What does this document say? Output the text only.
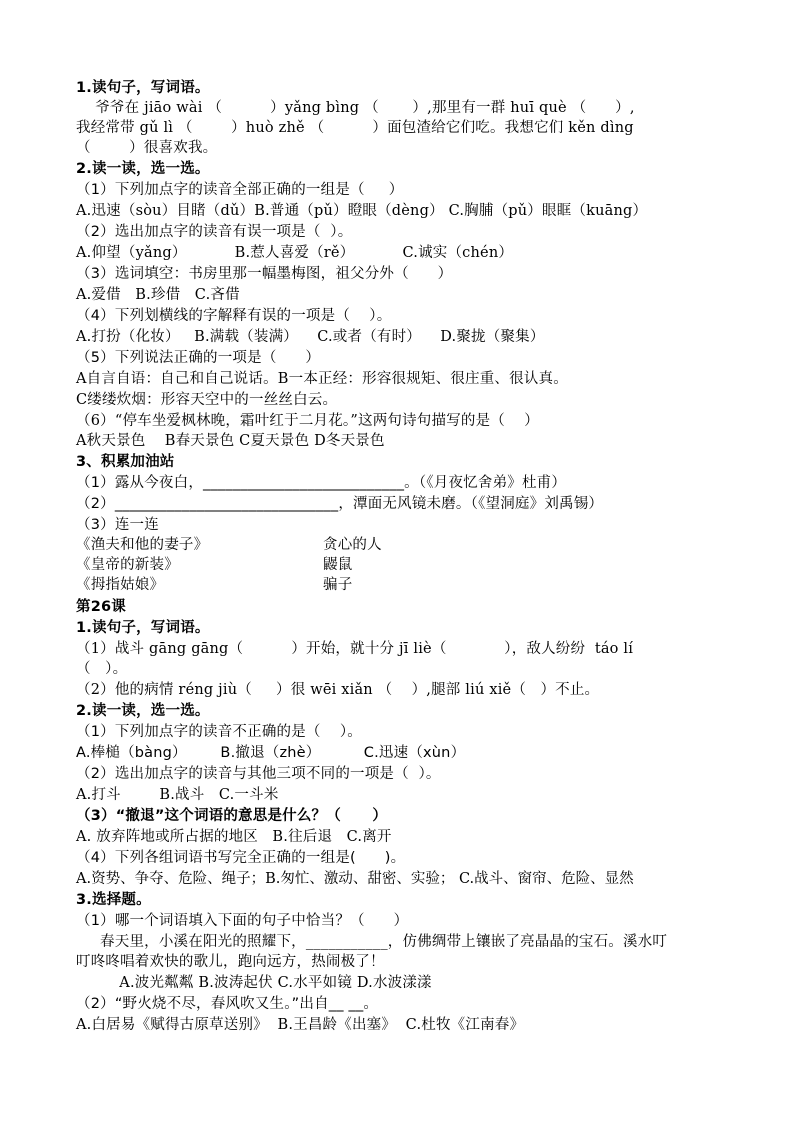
1.读句子，写词语。
爷爷在 jiāo wài （          ）yǎng bìng （       ）,那里有一群 huī què （      ）,
我经常带 gǔ lì （        ）huò zhě （          ）面包渣给它们吃。我想它们 kěn dìng
（        ）很喜欢我。
2.读一读，选一选。
（1）下列加点字的读音全部正确的一组是（     ）
A.迅速（sòu）目睹（dǔ）B.普通（pǔ）瞪眼（dèng） C.胸脯（pǔ）眼眶（kuāng）
（2）选出加点字的读音有误一项是（  ）。
A.仰望（yǎng）          B.惹人喜爱（rě）          C.诚实（chén）
（3）选词填空：书房里那一幅墨梅图，祖父分外（      ）
A.爱借   B.珍借   C.吝借
（4）下列划横线的字解释有误的一项是（    ）。
A.打扮（化妆）   B.满载（装满）    C.或者（有时）    D.聚拢（聚集）
（5）下列说法正确的一项是（      ）
A自言自语：自己和自己说话。B一本正经：形容很规矩、很庄重、很认真。
C缕缕炊烟：形容天空中的一丝丝白云。
（6）“停车坐爱枫林晚，霜叶红于二月花。”这两句诗句描写的是（    ）
A秋天景色    B春天景色 C夏天景色 D冬天景色
3、积累加油站
（1）露从今夜白，___________________________。（《月夜忆舍弟》杜甫）
（2）______________________________，潭面无风镜未磨。（《望洞庭》刘禹锡）
（3）连一连
《渔夫和他的妻子》
《皇帝的新装》
《拇指姑娘》
贪心的人
鼹鼠
骗子
第26课
1.读句子，写词语。
（1）战斗 gāng gāng（          ）开始，就十分 jī liè（            ），敌人纷纷  táo lí
（   ）。
（2）他的病情 réng jiù（     ）很 wēi xiǎn （    ）,腿部 liú xiě（   ）不止。
2.读一读，选一选。
（1）下列加点字的读音不正确的是（    ）。
A.棒槌（bàng）       B.撤退（zhè）         C.迅速（xùn）
（2）选出加点字的读音与其他三项不同的一项是（  ）。
A.打斗        B.战斗   C.一斗米
（3）“撤退”这个词语的意思是什么？（      ）
A. 放弃阵地或所占据的地区   B.往后退   C.离开
（4）下列各组词语书写完全正确的一组是(      )。
A.资势、争夺、危险、绳子；B.匆忙、激动、甜密、实验； C.战斗、窗帘、危险、显然
3.选择题。
（1）哪一个词语填入下面的句子中恰当？（      ）
春天里，小溪在阳光的照耀下，___________，仿佛绸带上镶嵌了亮晶晶的宝石。溪水叮
叮咚咚唱着欢快的歌儿，跑向远方，热闹极了！
A.波光粼粼 B.波涛起伏 C.水平如镜 D.水波漾漾
（2）“野火烧不尽，春风吹又生。”出自__ __。
A.白居易《赋得古原草送别》  B.王昌龄《出塞》  C.杜牧《江南春》
